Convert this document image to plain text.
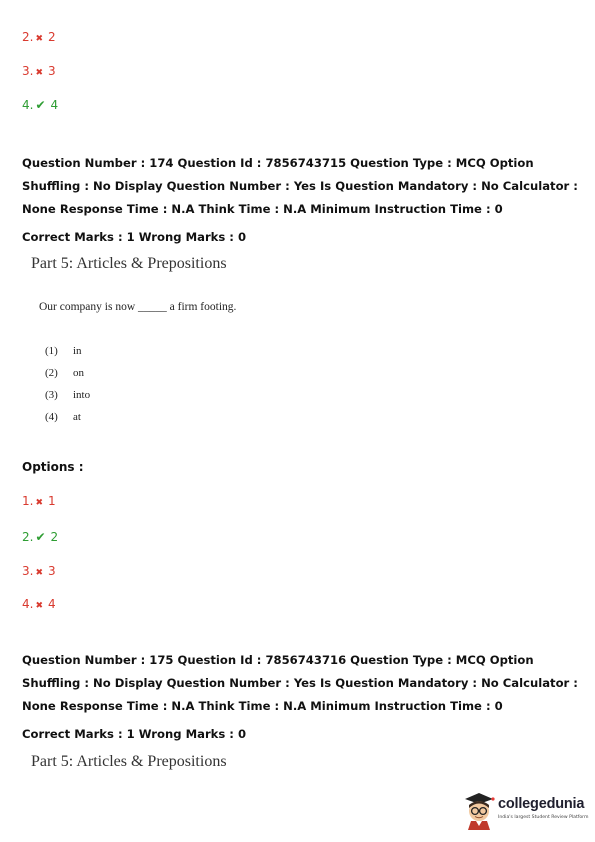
2. ✖ 2
3. ✖ 3
4. ✔ 4
Question Number : 174 Question Id : 7856743715 Question Type : MCQ Option Shuffling : No Display Question Number : Yes Is Question Mandatory : No Calculator : None Response Time : N.A Think Time : N.A Minimum Instruction Time : 0
Correct Marks : 1 Wrong Marks : 0
Part 5: Articles & Prepositions
Our company is now _____ a firm footing.
(1) in
(2) on
(3) into
(4) at
Options :
1. ✖ 1
2. ✔ 2
3. ✖ 3
4. ✖ 4
Question Number : 175 Question Id : 7856743716 Question Type : MCQ Option Shuffling : No Display Question Number : Yes Is Question Mandatory : No Calculator : None Response Time : N.A Think Time : N.A Minimum Instruction Time : 0
Correct Marks : 1 Wrong Marks : 0
Part 5: Articles & Prepositions
collegedunia
India's largest Student Review Platform
